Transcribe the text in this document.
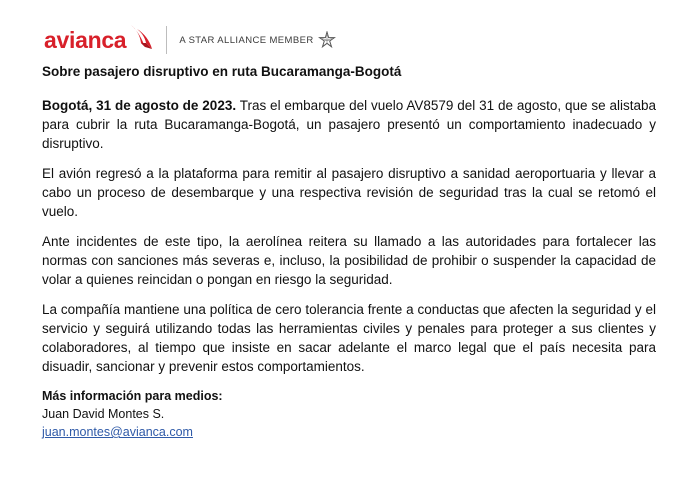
avianca	A STAR ALLIANCE MEMBER
Sobre pasajero disruptivo en ruta Bucaramanga-Bogotá

Bogotá, 31 de agosto de 2023. Tras el embarque del vuelo AV8579 del 31 de agosto, que se alistaba para cubrir la ruta Bucaramanga-Bogotá, un pasajero presentó un comportamiento inadecuado y disruptivo.

El avión regresó a la plataforma para remitir al pasajero disruptivo a sanidad aeroportuaria y llevar a cabo un proceso de desembarque y una respectiva revisión de seguridad tras la cual se retomó el vuelo.

Ante incidentes de este tipo, la aerolínea reitera su llamado a las autoridades para fortalecer las normas con sanciones más severas e, incluso, la posibilidad de prohibir o suspender la capacidad de volar a quienes reincidan o pongan en riesgo la seguridad.

La compañía mantiene una política de cero tolerancia frente a conductas que afecten la seguridad y el servicio y seguirá utilizando todas las herramientas civiles y penales para proteger a sus clientes y colaboradores, al tiempo que insiste en sacar adelante el marco legal que el país necesita para disuadir, sancionar y prevenir estos comportamientos.

Más información para medios:
Juan David Montes S.
juan.montes@avianca.com
